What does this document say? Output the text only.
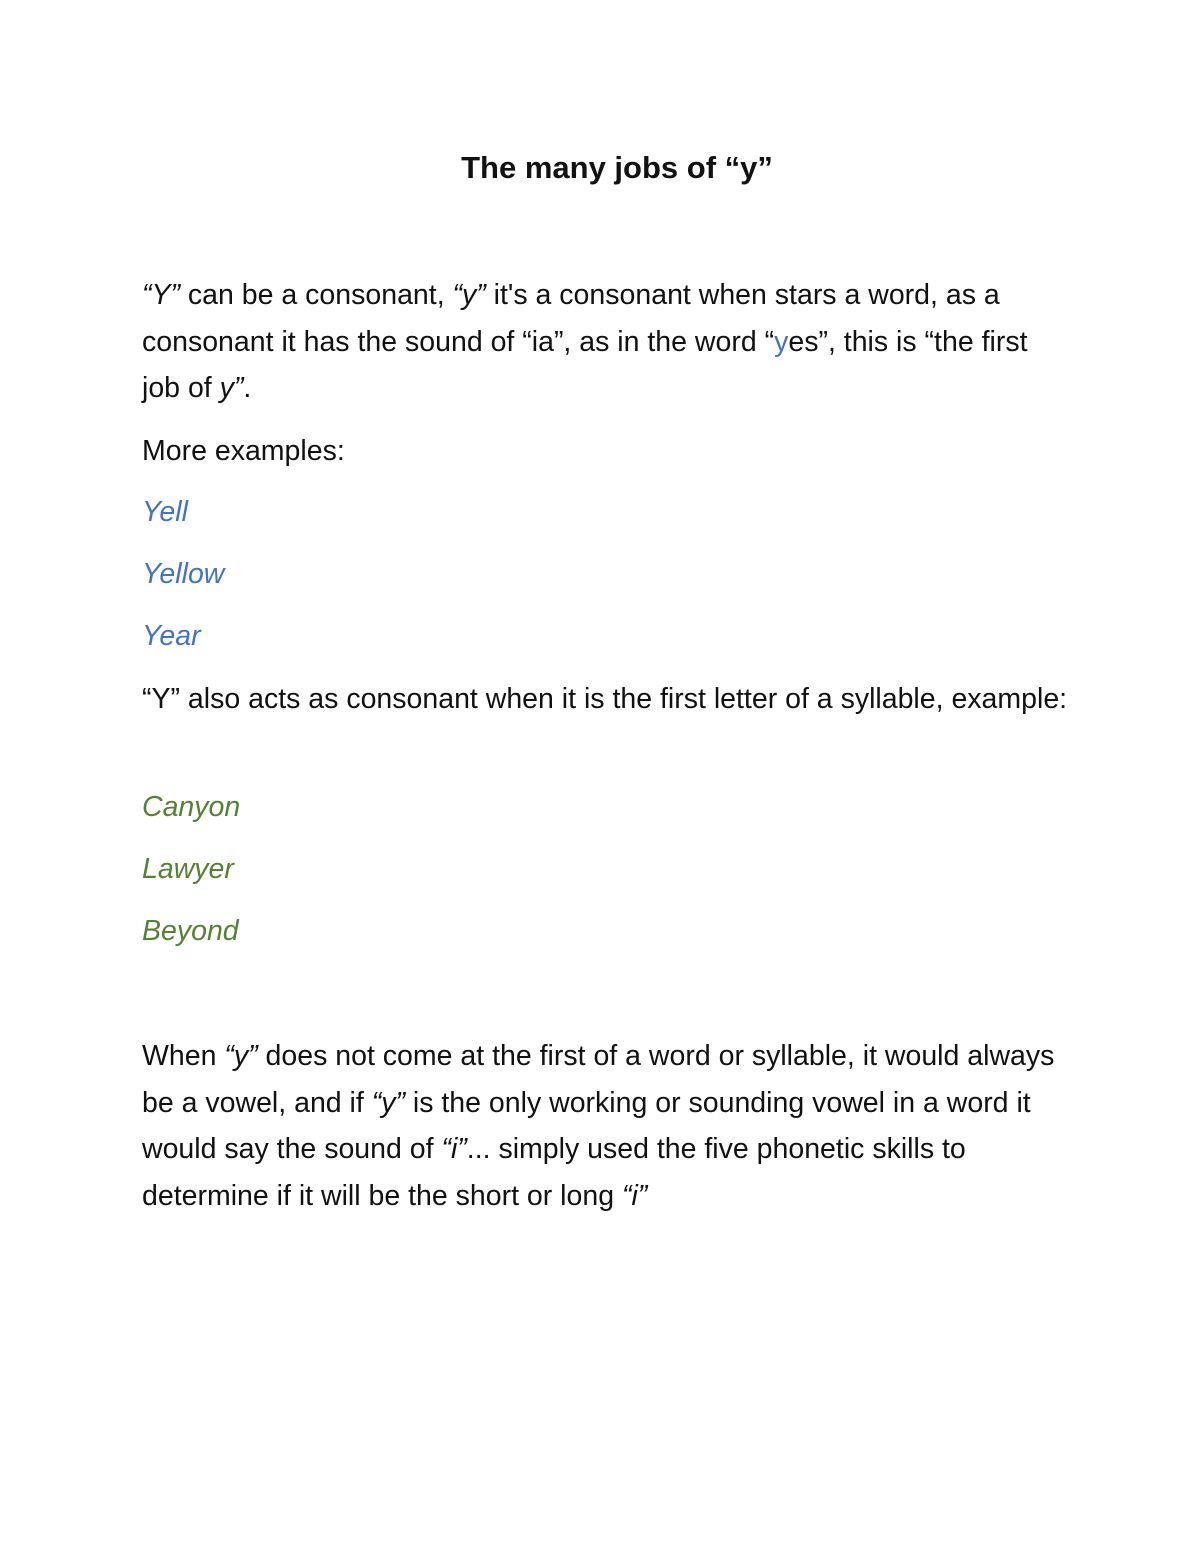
The many jobs of “y”

“Y” can be a consonant, “y” it's a consonant when stars a word, as a consonant it has the sound of “ia”, as in the word “yes”, this is “the first job of y”.

More examples:

Yell

Yellow

Year

“Y” also acts as consonant when it is the first letter of a syllable, example:

Canyon

Lawyer

Beyond

When “y” does not come at the first of a word or syllable, it would always be a vowel, and if “y” is the only working or sounding vowel in a word it would say the sound of “i”... simply used the five phonetic skills to determine if it will be the short or long “i”
